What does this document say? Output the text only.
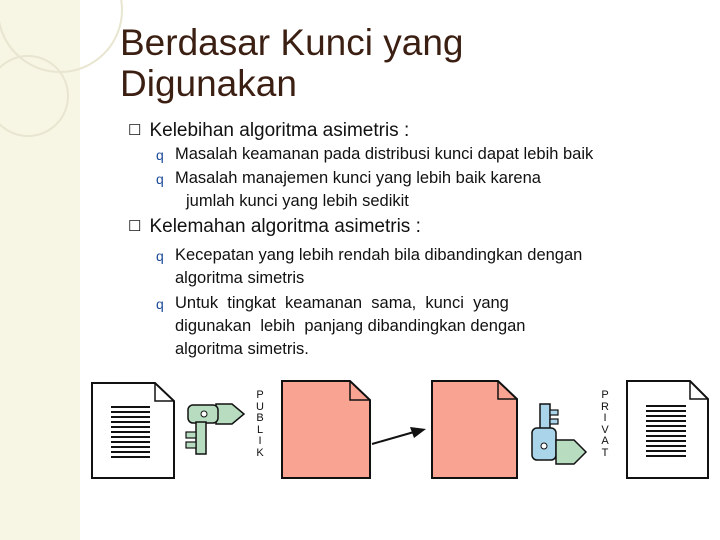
Berdasar Kunci yang
Digunakan
☐ Kelebihan algoritma asimetris :
q Masalah keamanan pada distribusi kunci dapat lebih baik
q Masalah manajemen kunci yang lebih baik karena
jumlah kunci yang lebih sedikit
☐ Kelemahan algoritma asimetris :
q Kecepatan yang lebih rendah bila dibandingkan dengan
algoritma simetris
q Untuk  tingkat  keamanan  sama,  kunci  yang
digunakan  lebih  panjang dibandingkan dengan
algoritma simetris.
P
U
B
L
I
K
P
R
I
V
A
T
